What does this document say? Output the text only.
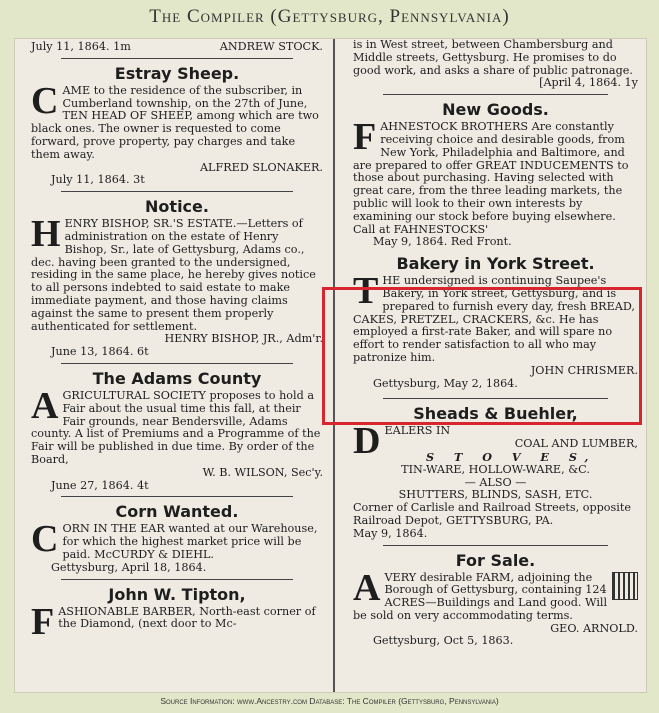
The Compiler (Gettysburg, Pennsylvania)
July 11, 1864. 1m	ANDREW STOCK.
Estray Sheep.
C AME to the residence of the subscriber, in Cumberland township, on the 27th of June, TEN HEAD OF SHEEP, among which are two black ones. The owner is requested to come forward, prove property, pay charges and take them away.
ALFRED SLONAKER.
July 11, 1864. 3t
Notice.
H ENRY BISHOP, SR.'S ESTATE.—Letters of administration on the estate of Henry Bishop, Sr., late of Gettysburg, Adams co., dec. having been granted to the undersigned, residing in the same place, he hereby gives notice to all persons indebted to said estate to make immediate payment, and those having claims against the same to present them properly authenticated for settlement.
HENRY BISHOP, JR., Adm'r.
June 13, 1864. 6t
The Adams County
A GRICULTURAL SOCIETY proposes to hold a Fair about the usual time this fall, at their Fair grounds, near Bendersville, Adams county. A list of Premiums and a Programme of the Fair will be published in due time. By order of the Board,
W. B. WILSON, Sec'y.
June 27, 1864. 4t
Corn Wanted.
C ORN IN THE EAR wanted at our Warehouse, for which the highest market price will be paid. McCURDY & DIEHL.
Gettysburg, April 18, 1864.
John W. Tipton,
F ASHIONABLE BARBER, North-east corner of the Diamond, (next door to Mc-
is in West street, between Chambersburg and Middle streets, Gettysburg. He promises to do good work, and asks a share of public patronage.
[April 4, 1864. 1y
New Goods.
F AHNESTOCK BROTHERS Are constantly receiving choice and desirable goods, from New York, Philadelphia and Baltimore, and are prepared to offer GREAT INDUCEMENTS to those about purchasing. Having selected with great care, from the three leading markets, the public will look to their own interests by examining our stock before buying elsewhere. Call at FAHNESTOCKS'
May 9, 1864. Red Front.
Bakery in York Street.
T HE undersigned is continuing Saupee's Bakery, in York street, Gettysburg, and is prepared to furnish every day, fresh BREAD, CAKES, PRETZEL, CRACKERS, &c. He has employed a first-rate Baker, and will spare no effort to render satisfaction to all who may patronize him.
JOHN CHRISMER.
Gettysburg, May 2, 1864.
Sheads & Buehler,
D EALERS IN
COAL AND LUMBER,
S T O V E S,
TIN-WARE, HOLLOW-WARE, &C.
— ALSO —
SHUTTERS, BLINDS, SASH, ETC.
Corner of Carlisle and Railroad Streets, opposite Railroad Depot, GETTYSBURG, PA.
May 9, 1864.
For Sale.
A VERY desirable FARM, adjoining the Borough of Gettysburg, containing 124 ACRES—Buildings and Land good. Will be sold on very accommodating terms.
GEO. ARNOLD.
Gettysburg, Oct 5, 1863.
Source Information: www.Ancestry.com Database: The Compiler (Gettysburg, Pennsylvania)
